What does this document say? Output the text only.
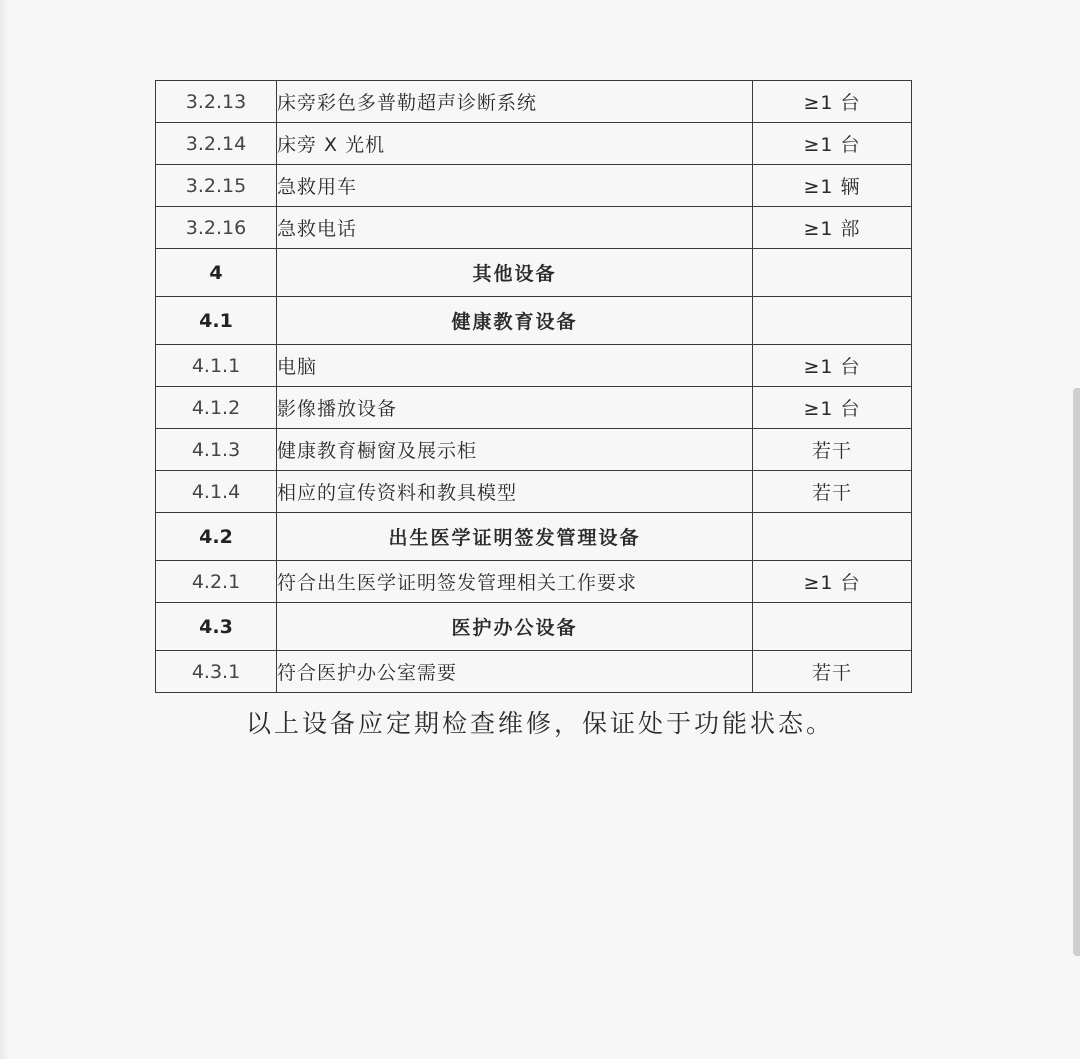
3.2.13	床旁彩色多普勒超声诊断系统	≥1 台
3.2.14	床旁 X 光机	≥1 台
3.2.15	急救用车	≥1 辆
3.2.16	急救电话	≥1 部
4	其他设备	
4.1	健康教育设备	
4.1.1	电脑	≥1 台
4.1.2	影像播放设备	≥1 台
4.1.3	健康教育橱窗及展示柜	若干
4.1.4	相应的宣传资料和教具模型	若干
4.2	出生医学证明签发管理设备	
4.2.1	符合出生医学证明签发管理相关工作要求	≥1 台
4.3	医护办公设备	
4.3.1	符合医护办公室需要	若干
以上设备应定期检查维修，保证处于功能状态。
